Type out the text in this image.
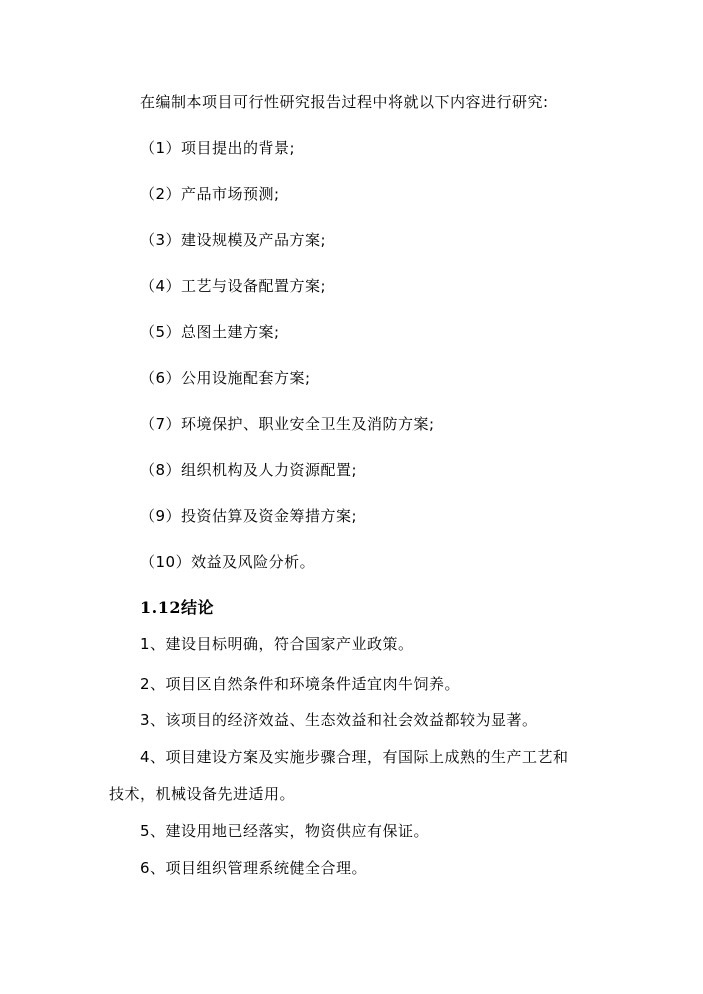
在编制本项目可行性研究报告过程中将就以下内容进行研究:

（1）项目提出的背景;

（2）产品市场预测;

（3）建设规模及产品方案;

（4）工艺与设备配置方案;

（5）总图土建方案;

（6）公用设施配套方案;

（7）环境保护、职业安全卫生及消防方案;

（8）组织机构及人力资源配置;

（9）投资估算及资金筹措方案;

（10）效益及风险分析。

1.12结论

1、建设目标明确，符合国家产业政策。

2、项目区自然条件和环境条件适宜肉牛饲养。

3、该项目的经济效益、生态效益和社会效益都较为显著。

4、项目建设方案及实施步骤合理，有国际上成熟的生产工艺和

技术，机械设备先进适用。

5、建设用地已经落实，物资供应有保证。

6、项目组织管理系统健全合理。
